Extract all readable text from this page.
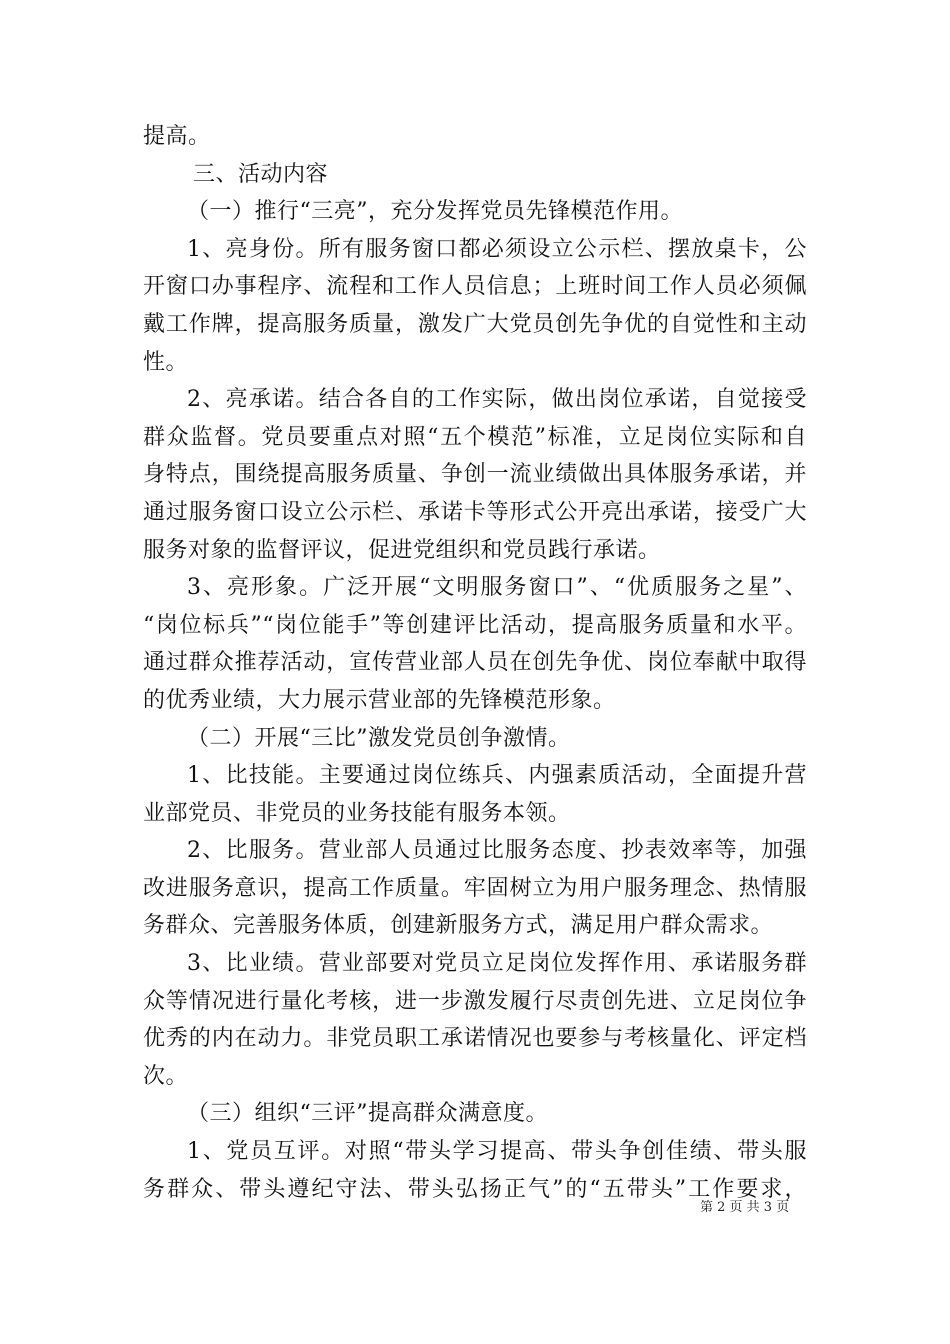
提高。
三、活动内容
（一）推行“三亮”，充分发挥党员先锋模范作用。
1、亮身份。所有服务窗口都必须设立公示栏、摆放桌卡，公
开窗口办事程序、流程和工作人员信息；上班时间工作人员必须佩
戴工作牌，提高服务质量，激发广大党员创先争优的自觉性和主动
性。
2、亮承诺。结合各自的工作实际，做出岗位承诺，自觉接受
群众监督。党员要重点对照“五个模范”标准，立足岗位实际和自
身特点，围绕提高服务质量、争创一流业绩做出具体服务承诺，并
通过服务窗口设立公示栏、承诺卡等形式公开亮出承诺，接受广大
服务对象的监督评议，促进党组织和党员践行承诺。
3、亮形象。广泛开展“文明服务窗口”、“优质服务之星”、
“岗位标兵”“岗位能手”等创建评比活动，提高服务质量和水平。
通过群众推荐活动，宣传营业部人员在创先争优、岗位奉献中取得
的优秀业绩，大力展示营业部的先锋模范形象。
（二）开展“三比”激发党员创争激情。
1、比技能。主要通过岗位练兵、内强素质活动，全面提升营
业部党员、非党员的业务技能有服务本领。
2、比服务。营业部人员通过比服务态度、抄表效率等，加强
改进服务意识，提高工作质量。牢固树立为用户服务理念、热情服
务群众、完善服务体质，创建新服务方式，满足用户群众需求。
3、比业绩。营业部要对党员立足岗位发挥作用、承诺服务群
众等情况进行量化考核，进一步激发履行尽责创先进、立足岗位争
优秀的内在动力。非党员职工承诺情况也要参与考核量化、评定档
次。
（三）组织“三评”提高群众满意度。
1、党员互评。对照“带头学习提高、带头争创佳绩、带头服
务群众、带头遵纪守法、带头弘扬正气”的“五带头”工作要求，
第 2 页 共 3 页
